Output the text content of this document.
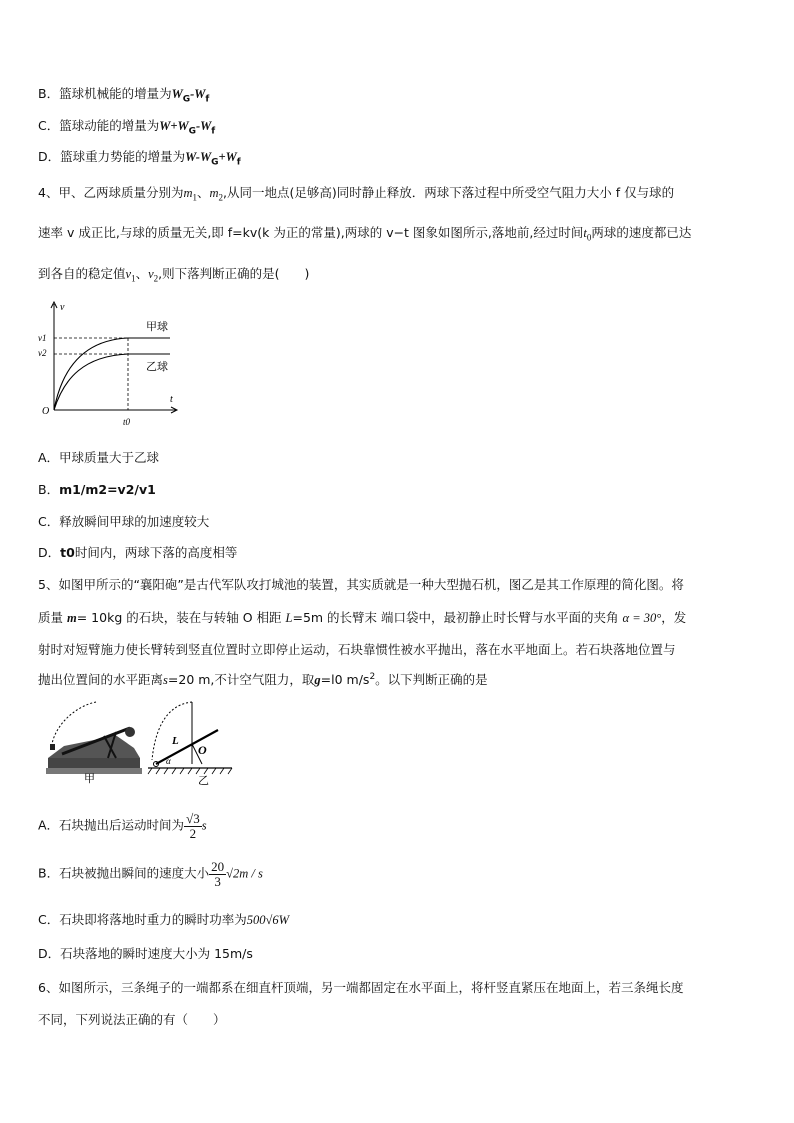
B．篮球机械能的增量为$W_G-W_f$
C．篮球动能的增量为$W+W_G-W_f$
D．篮球重力势能的增量为$W-W_G+W_f$
4、甲、乙两球质量分别为$m_1$、$m_2$,从同一地点(足够高)同时静止释放．两球下落过程中所受空气阻力大小 f 仅与球的
速率 v 成正比,与球的质量无关,即 f=kv(k 为正的常量),两球的 v−t 图象如图所示,落地前,经过时间$t_0$两球的速度都已达
到各自的稳定值$v_1$、$v_2$,则下落判断正确的是(　　)
v
t
O
v1
v2
t0
甲球
乙球
A．甲球质量大于乙球
B．m1/m2=v2/v1
C．释放瞬间甲球的加速度较大
D．t0时间内，两球下落的高度相等
5、如图甲所示的“襄阳砲”是古代军队攻打城池的装置，其实质就是一种大型抛石机，图乙是其工作原理的简化图。将
质量 m= 10kg 的石块，装在与转轴 O 相距 L=5m 的长臂末 端口袋中，最初静止时长臂与水平面的夹角 α = 30°，发
射时对短臂施力使长臂转到竖直位置时立即停止运动，石块靠惯性被水平抛出，落在水平地面上。若石块落地位置与
抛出位置间的水平距离s=20 m,不计空气阻力，取g=l0 $m/s^2$。以下判断正确的是
甲
L
O
α
乙
A．石块抛出后运动时间为 $\frac{√3}{2}$ s
B．石块被抛出瞬间的速度大小 $\frac{20}{3} √2m$ / s
C．石块即将落地时重力的瞬时功率为500√6W
D．石块落地的瞬时速度大小为 15m/s
6、如图所示，三条绳子的一端都系在细直杆顶端，另一端都固定在水平面上，将杆竖直紧压在地面上，若三条绳长度
不同，下列说法正确的有（　　）
